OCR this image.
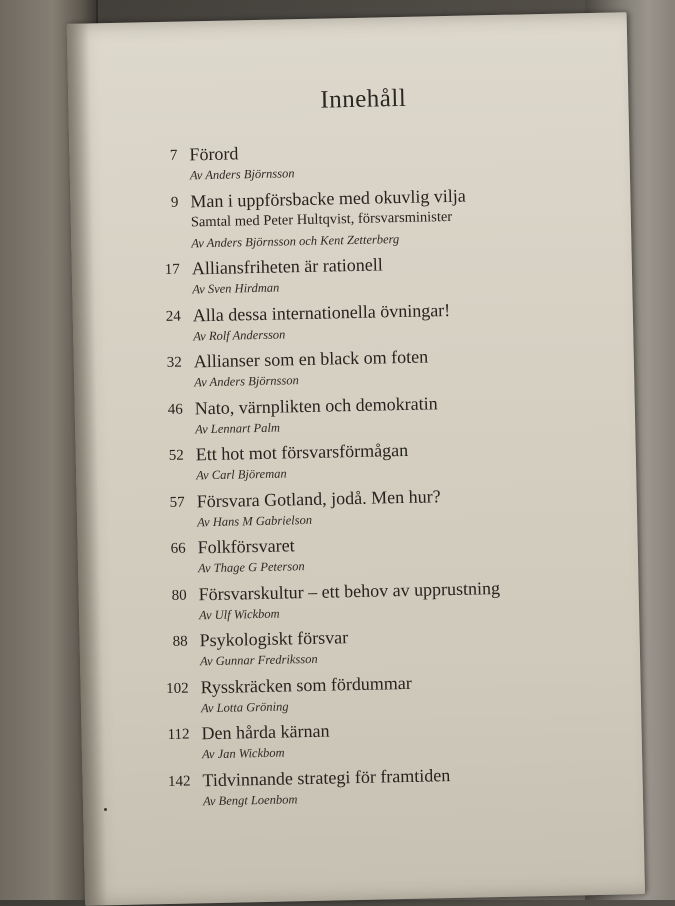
Innehåll
7 Förord
Av Anders Björnsson
9 Man i uppförsbacke med okuvlig vilja
Samtal med Peter Hultqvist, försvarsminister
Av Anders Björnsson och Kent Zetterberg
17 Alliansfriheten är rationell
Av Sven Hirdman
24 Alla dessa internationella övningar!
Av Rolf Andersson
32 Allianser som en black om foten
Av Anders Björnsson
46 Nato, värnplikten och demokratin
Av Lennart Palm
52 Ett hot mot försvarsförmågan
Av Carl Björeman
57 Försvara Gotland, jodå. Men hur?
Av Hans M Gabrielson
66 Folkförsvaret
Av Thage G Peterson
80 Försvarskultur – ett behov av upprustning
Av Ulf Wickbom
88 Psykologiskt försvar
Av Gunnar Fredriksson
102 Rysskräcken som fördummar
Av Lotta Gröning
112 Den hårda kärnan
Av Jan Wickbom
142 Tidvinnande strategi för framtiden
Av Bengt Loenbom
